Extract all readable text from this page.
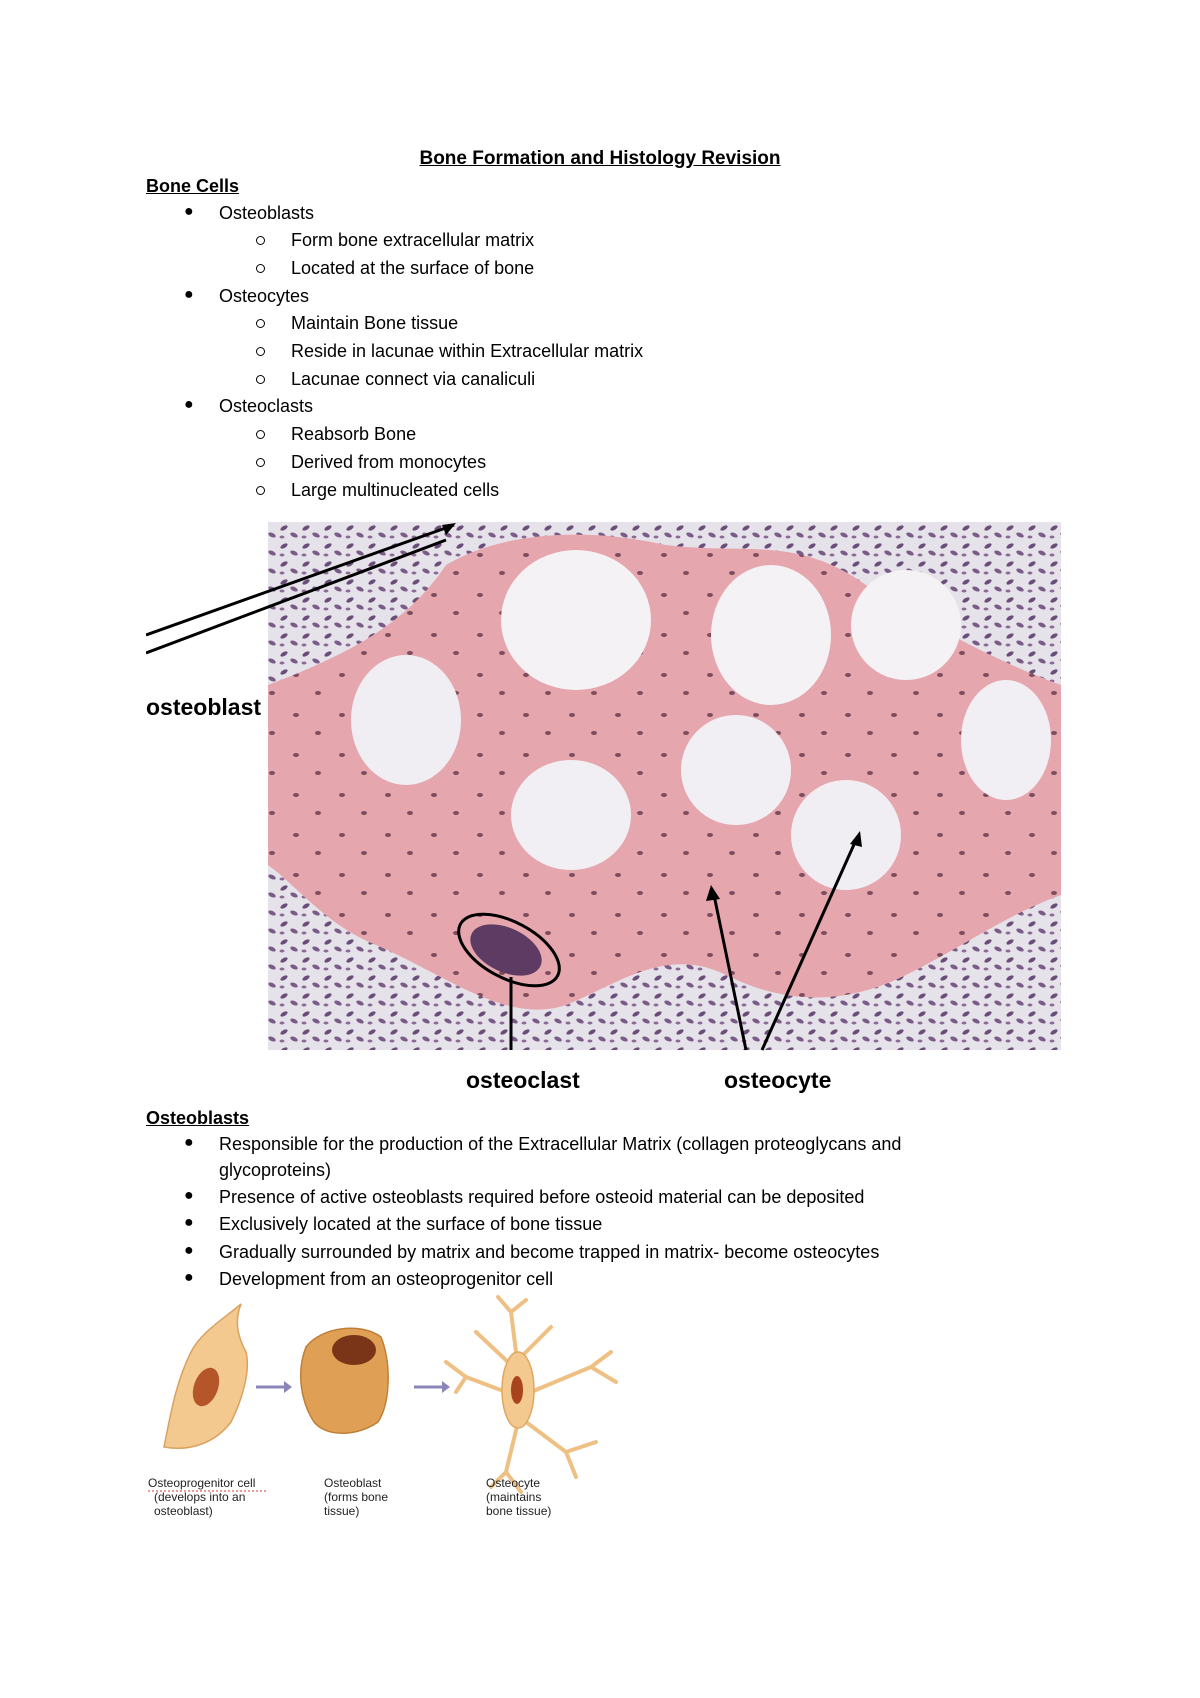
Bone Formation and Histology Revision
Bone Cells
● Osteoblasts
Form bone extracellular matrix
Located at the surface of bone
● Osteocytes
Maintain Bone tissue
Reside in lacunae within Extracellular matrix
Lacunae connect via canaliculi
● Osteoclasts
Reabsorb Bone
Derived from monocytes
Large multinucleated cells
osteoblast
osteoclast	osteocyte
Osteoblasts
● Responsible for the production of the Extracellular Matrix (collagen proteoglycans and
glycoproteins)
● Presence of active osteoblasts required before osteoid material can be deposited
● Exclusively located at the surface of bone tissue
● Gradually surrounded by matrix and become trapped in matrix- become osteocytes
● Development from an osteoprogenitor cell
Osteoprogenitor cell
(develops into an
osteoblast)
Osteoblast
(forms bone
tissue)
Osteocyte
(maintains
bone tissue)
